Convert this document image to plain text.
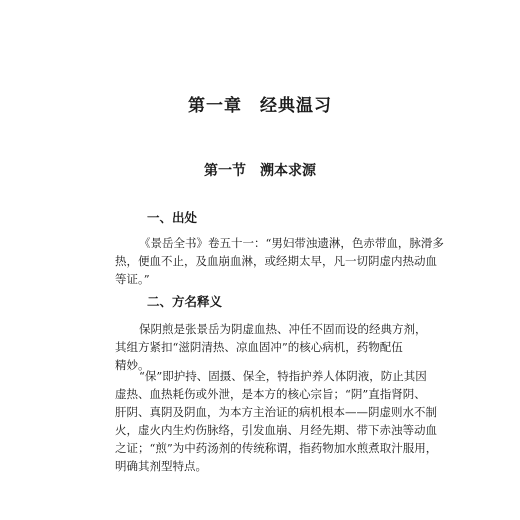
第一章　经典温习
第一节　溯本求源
一、出处
《景岳全书》卷五十一：“男妇带浊遗淋，色赤带血，脉滑多
热，便血不止，及血崩血淋，或经期太早，凡一切阴虚内热动血
等证。”
二、方名释义
保阴煎是张景岳为阴虚血热、冲任不固而设的经典方剂，
其组方紧扣“滋阴清热、凉血固冲”的核心病机，药物配伍
精妙。
“保”即护持、固摄、保全，特指护养人体阴液，防止其因
虚热、血热耗伤或外泄，是本方的核心宗旨；“阴”直指肾阴、
肝阴、真阴及阴血，为本方主治证的病机根本——阴虚则水不制
火，虚火内生灼伤脉络，引发血崩、月经先期、带下赤浊等动血
之证；“煎”为中药汤剂的传统称谓，指药物加水煎煮取汁服用，
明确其剂型特点。
